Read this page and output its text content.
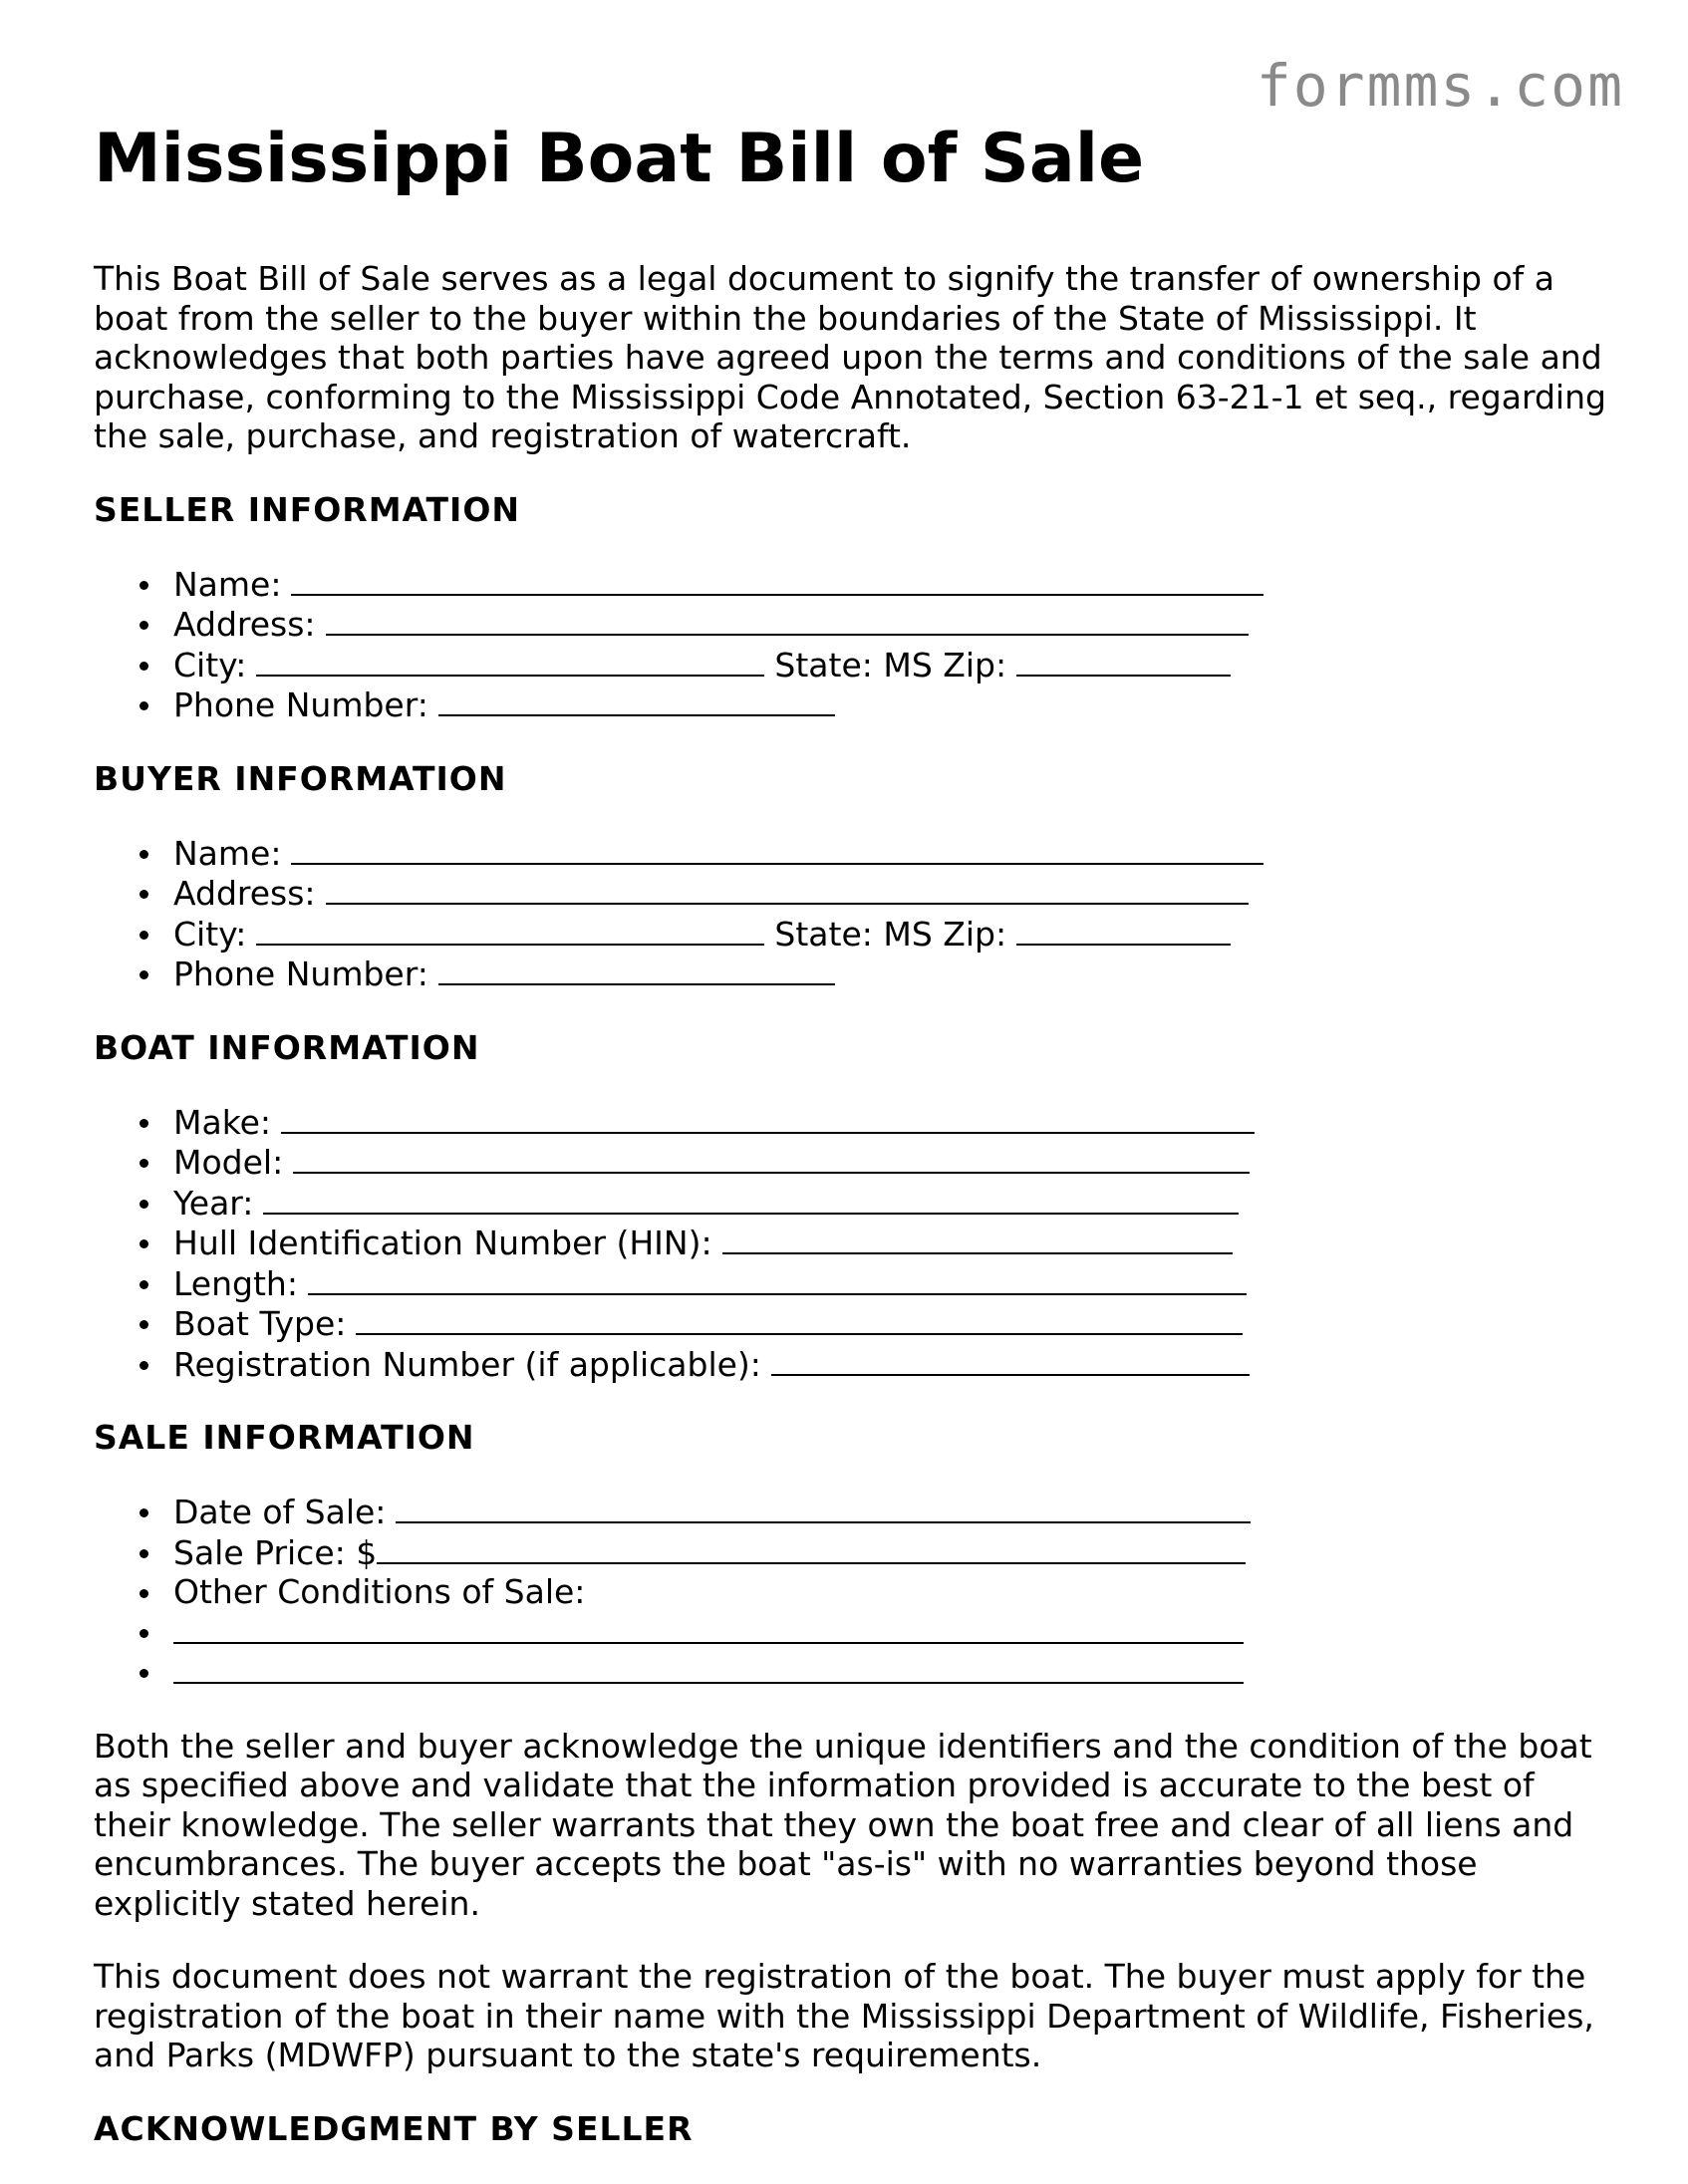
formms.com
Mississippi Boat Bill of Sale

This Boat Bill of Sale serves as a legal document to signify the transfer of ownership of a boat from the seller to the buyer within the boundaries of the State of Mississippi. It acknowledges that both parties have agreed upon the terms and conditions of the sale and purchase, conforming to the Mississippi Code Annotated, Section 63-21-1 et seq., regarding the sale, purchase, and registration of watercraft.

SELLER INFORMATION
Name:
Address:
City:	State: MS Zip:
Phone Number:
BUYER INFORMATION
Name:
Address:
City:	State: MS Zip:
Phone Number:
BOAT INFORMATION
Make:
Model:
Year:
Hull Identification Number (HIN):
Length:
Boat Type:
Registration Number (if applicable):
SALE INFORMATION
Date of Sale:
Sale Price: $
Other Conditions of Sale:

Both the seller and buyer acknowledge the unique identifiers and the condition of the boat as specified above and validate that the information provided is accurate to the best of their knowledge. The seller warrants that they own the boat free and clear of all liens and encumbrances. The buyer accepts the boat "as-is" with no warranties beyond those explicitly stated herein.

This document does not warrant the registration of the boat. The buyer must apply for the registration of the boat in their name with the Mississippi Department of Wildlife, Fisheries, and Parks (MDWFP) pursuant to the state's requirements.

ACKNOWLEDGMENT BY SELLER
